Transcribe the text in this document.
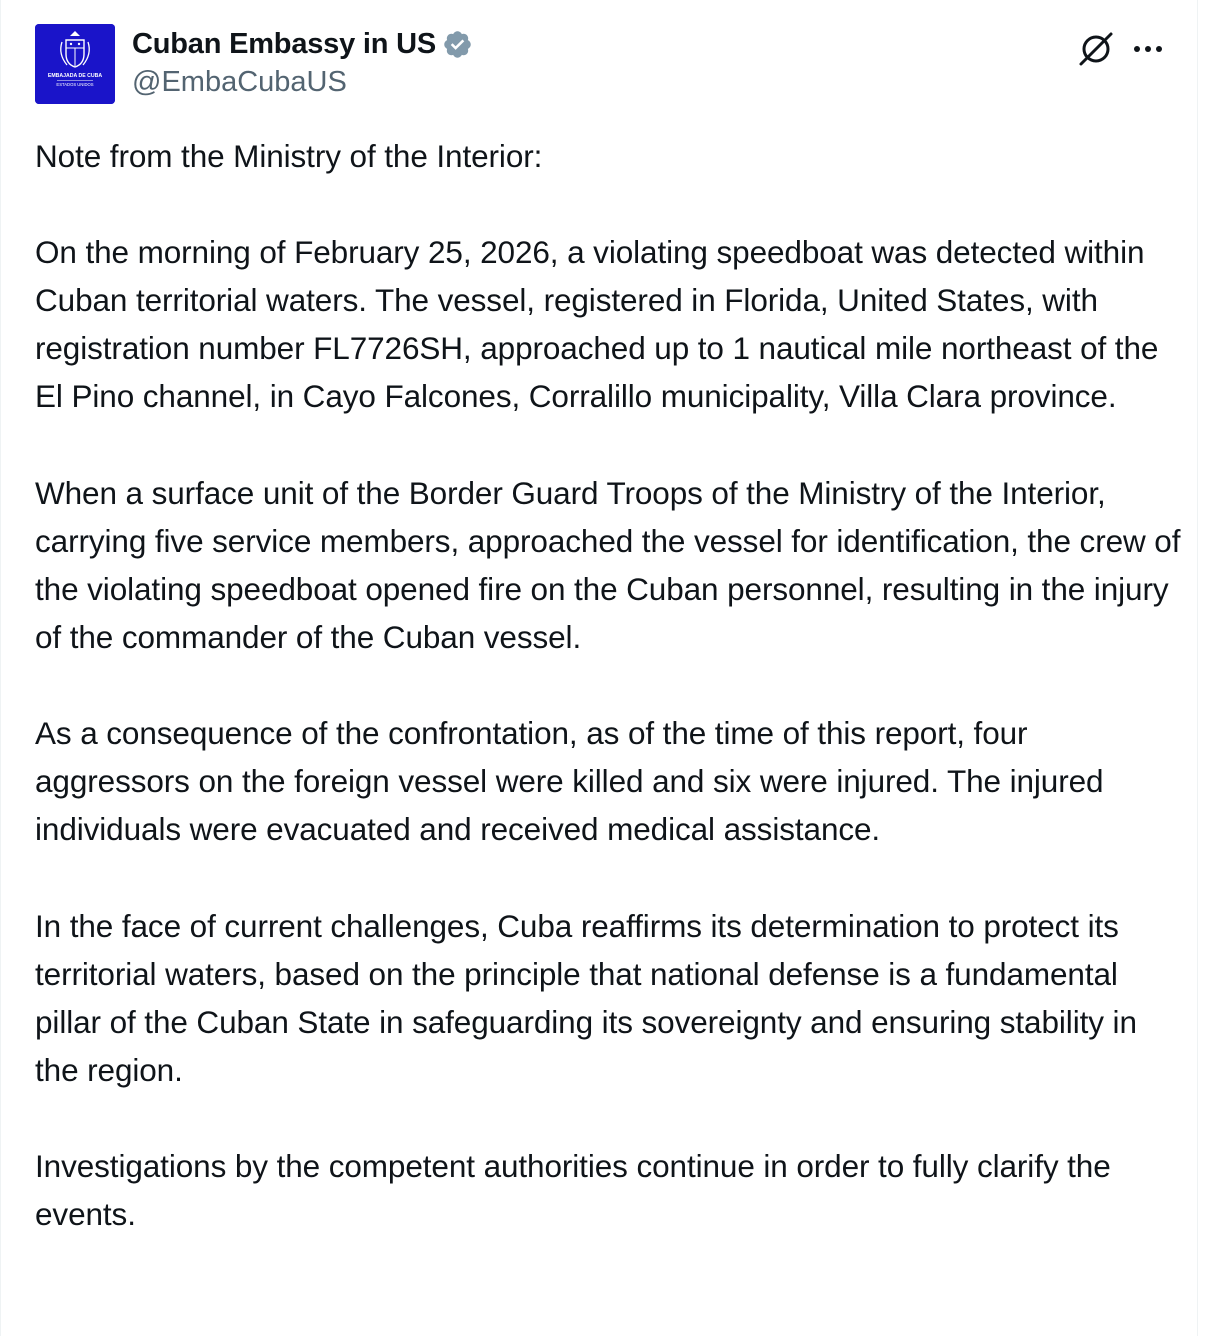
EMBAJADA DE CUBA
ESTADOS UNIDOS
Cuban Embassy in US
@EmbaCubaUS

Note from the Ministry of the Interior:

On the morning of February 25, 2026, a violating speedboat was detected within Cuban territorial waters. The vessel, registered in Florida, United States, with registration number FL7726SH, approached up to 1 nautical mile northeast of the El Pino channel, in Cayo Falcones, Corralillo municipality, Villa Clara province.

When a surface unit of the Border Guard Troops of the Ministry of the Interior, carrying five service members, approached the vessel for identification, the crew of the violating speedboat opened fire on the Cuban personnel, resulting in the injury of the commander of the Cuban vessel.

As a consequence of the confrontation, as of the time of this report, four aggressors on the foreign vessel were killed and six were injured. The injured individuals were evacuated and received medical assistance.

In the face of current challenges, Cuba reaffirms its determination to protect its territorial waters, based on the principle that national defense is a fundamental pillar of the Cuban State in safeguarding its sovereignty and ensuring stability in the region.

Investigations by the competent authorities continue in order to fully clarify the events.
